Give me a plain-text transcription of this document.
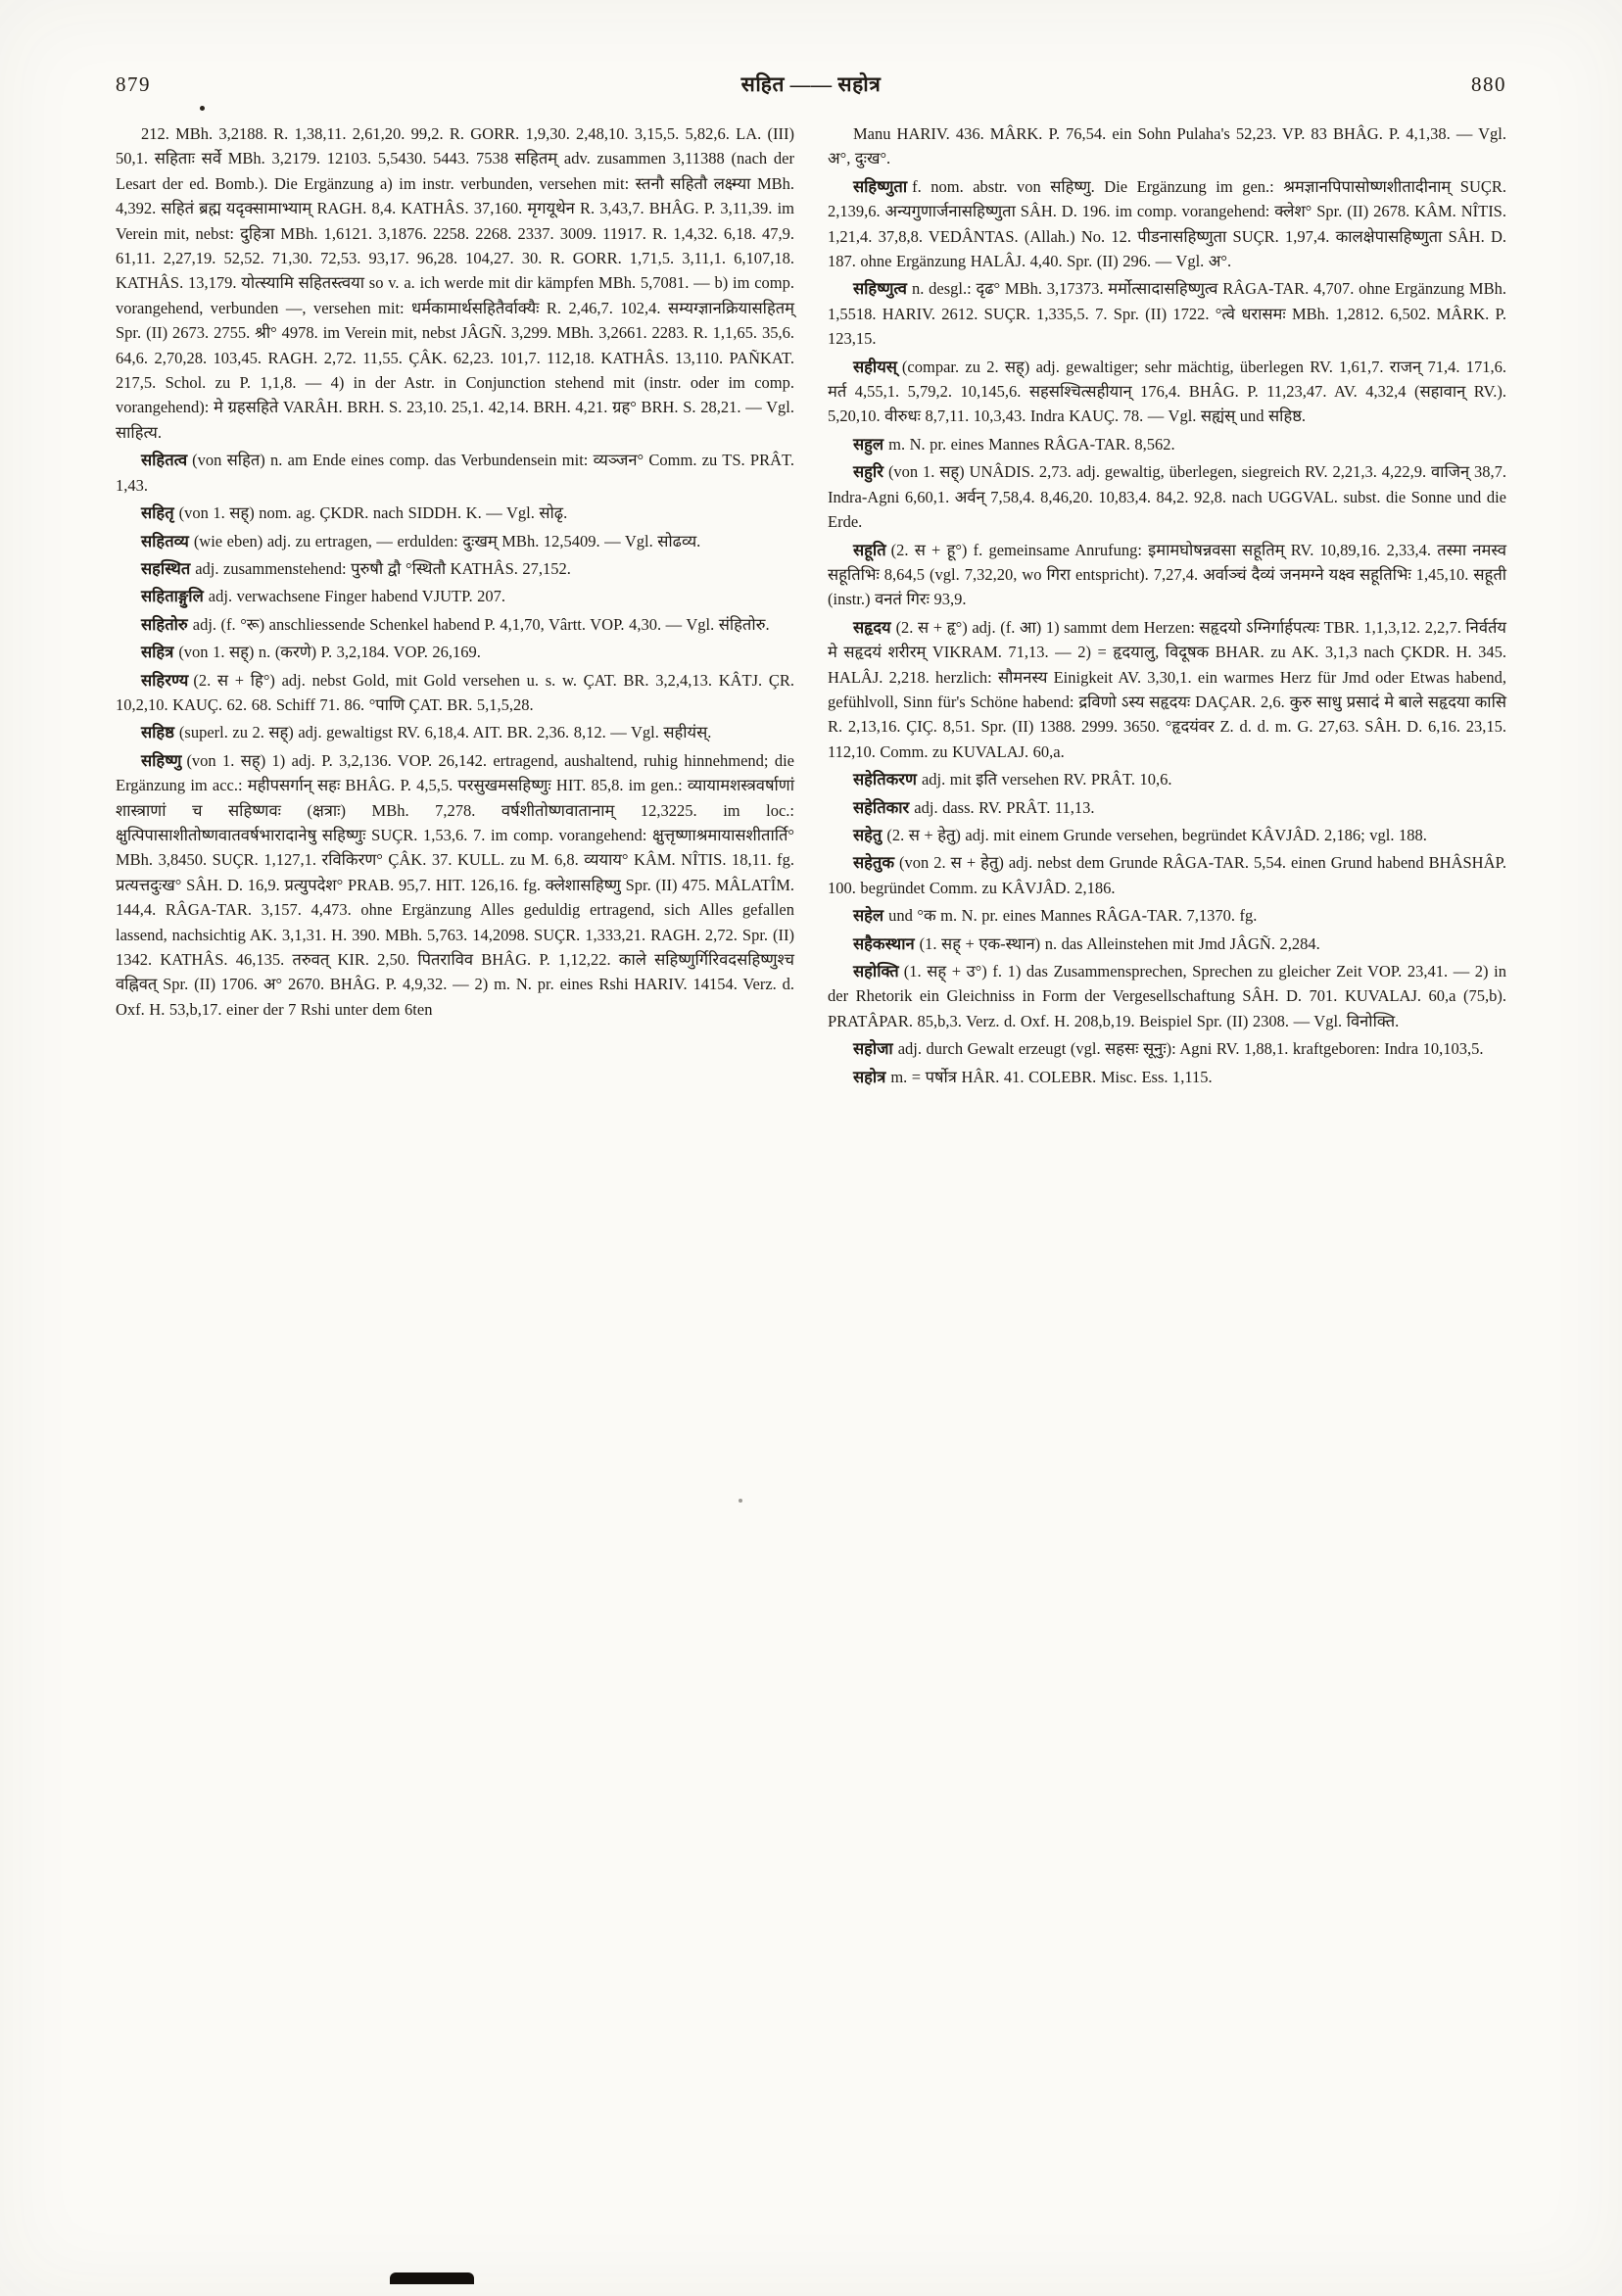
879	सहित —— सहोत्र	880

212. MBh. 3,2188. R. 1,38,11. 2,61,20. 99,2. R. GORR. 1,9,30. 2,48,10. 3,15,5. 5,82,6. LA. (III) 50,1. सहिताः सर्वे MBh. 3,2179. 12103. 5,5430. 5443. 7538 सहितम् adv. zusammen 3,11388 (nach der Lesart der ed. Bomb.). Die Ergänzung a) im instr. verbunden, versehen mit: स्तनौ सहितौ लक्ष्म्या MBh. 4,392. सहितं ब्रह्म यदृक्सामाभ्याम् RAGH. 8,4. KATHÂS. 37,160. मृगयूथेन R. 3,43,7. BHÂG. P. 3,11,39. im Verein mit, nebst: दुहित्रा MBh. 1,6121. 3,1876. 2258. 2268. 2337. 3009. 11917. R. 1,4,32. 6,18. 47,9. 61,11. 2,27,19. 52,52. 71,30. 72,53. 93,17. 96,28. 104,27. 30. R. GORR. 1,71,5. 3,11,1. 6,107,18. KATHÂS. 13,179. योत्स्यामि सहितस्त्वया so v. a. ich werde mit dir kämpfen MBh. 5,7081. — b) im comp. vorangehend, verbunden —, versehen mit: धर्मकामार्थसहितैर्वाक्यैः R. 2,46,7. 102,4. सम्यग्ज्ञानक्रियासहितम् Spr. (II) 2673. 2755. श्री° 4978. im Verein mit, nebst JÂGÑ. 3,299. MBh. 3,2661. 2283. R. 1,1,65. 35,6. 64,6. 2,70,28. 103,45. RAGH. 2,72. 11,55. ÇÂK. 62,23. 101,7. 112,18. KATHÂS. 13,110. PAÑKAT. 217,5. Schol. zu P. 1,1,8. — 4) in der Astr. in Conjunction stehend mit (instr. oder im comp. vorangehend): मे ग्रहसहिते VARÂH. BRH. S. 23,10. 25,1. 42,14. BRH. 4,21. ग्रह° BRH. S. 28,21. — Vgl. साहित्य.

सहितत्व (von सहित) n. am Ende eines comp. das Verbundensein mit: व्यञ्जन° Comm. zu TS. PRÂT. 1,43.

सहितृ (von 1. सह्) nom. ag. ÇKDR. nach SIDDH. K. — Vgl. सोढृ.

सहितव्य (wie eben) adj. zu ertragen, — erdulden: दुःखम् MBh. 12,5409. — Vgl. सोढव्य.

सहस्थित adj. zusammenstehend: पुरुषौ द्वौ °स्थितौ KATHÂS. 27,152.

सहिताङ्गुलि adj. verwachsene Finger habend VJUTP. 207.

सहितोरु adj. (f. °रू) anschliessende Schenkel habend P. 4,1,70, Vârtt. VOP. 4,30. — Vgl. संहितोरु.

सहित्र (von 1. सह्) n. (करणे) P. 3,2,184. VOP. 26,169.

सहिरण्य (2. स + हि°) adj. nebst Gold, mit Gold versehen u. s. w. ÇAT. BR. 3,2,4,13. KÂTJ. ÇR. 10,2,10. KAUÇ. 62. 68. Schiff 71. 86. °पाणि ÇAT. BR. 5,1,5,28.

सहिष्ठ (superl. zu 2. सह्) adj. gewaltigst RV. 6,18,4. AIT. BR. 2,36. 8,12. — Vgl. सहीयंस्.

सहिष्णु (von 1. सह्) 1) adj. P. 3,2,136. VOP. 26,142. ertragend, aushaltend, ruhig hinnehmend; die Ergänzung im acc.: महीपसर्गान् सहः BHÂG. P. 4,5,5. परसुखमसहिष्णुः HIT. 85,8. im gen.: व्यायामशस्त्रवर्षाणां शास्त्राणां च सहिष्णवः (क्षत्राः) MBh. 7,278. वर्षशीतोष्णवातानाम् 12,3225. im loc.: क्षुत्पिपासाशीतोष्णवातवर्षभारादानेषु सहिष्णुः SUÇR. 1,53,6. 7. im comp. vorangehend: क्षुत्तृष्णाश्रमायासशीतार्ति° MBh. 3,8450. SUÇR. 1,127,1. रविकिरण° ÇÂK. 37. KULL. zu M. 6,8. व्ययाय° KÂM. NÎTIS. 18,11. fg. प्रत्यत्तदुःख° SÂH. D. 16,9. प्रत्युपदेश° PRAB. 95,7. HIT. 126,16. fg. क्लेशासहिष्णु Spr. (II) 475. MÂLATÎM. 144,4. RÂGA-TAR. 3,157. 4,473. ohne Ergänzung Alles geduldig ertragend, sich Alles gefallen lassend, nachsichtig AK. 3,1,31. H. 390. MBh. 5,763. 14,2098. SUÇR. 1,333,21. RAGH. 2,72. Spr. (II) 1342. KATHÂS. 46,135. तरुवत् KIR. 2,50. पितराविव BHÂG. P. 1,12,22. काले सहिष्णुर्गिरिवदसहिष्णुश्च वह्निवत् Spr. (II) 1706. अ° 2670. BHÂG. P. 4,9,32. — 2) m. N. pr. eines Rshi HARIV. 14154. Verz. d. Oxf. H. 53,b,17. einer der 7 Rshi unter dem 6ten

Manu HARIV. 436. MÂRK. P. 76,54. ein Sohn Pulaha's 52,23. VP. 83 BHÂG. P. 4,1,38. — Vgl. अ°, दुःख°.

सहिष्णुता f. nom. abstr. von सहिष्णु. Die Ergänzung im gen.: श्रमज्ञानपिपासोष्णशीतादीनाम् SUÇR. 2,139,6. अन्यगुणार्जनासहिष्णुता SÂH. D. 196. im comp. vorangehend: क्लेश° Spr. (II) 2678. KÂM. NÎTIS. 1,21,4. 37,8,8. VEDÂNTAS. (Allah.) No. 12. पीडनासहिष्णुता SUÇR. 1,97,4. कालक्षेपासहिष्णुता SÂH. D. 187. ohne Ergänzung HALÂJ. 4,40. Spr. (II) 296. — Vgl. अ°.

सहिष्णुत्व n. desgl.: दृढ° MBh. 3,17373. मर्मोत्सादासहिष्णुत्व RÂGA-TAR. 4,707. ohne Ergänzung MBh. 1,5518. HARIV. 2612. SUÇR. 1,335,5. 7. Spr. (II) 1722. °त्वे धरासमः MBh. 1,2812. 6,502. MÂRK. P. 123,15.

सहीयस् (compar. zu 2. सह्) adj. gewaltiger; sehr mächtig, überlegen RV. 1,61,7. राजन् 71,4. 171,6. मर्त 4,55,1. 5,79,2. 10,145,6. सहसश्चित्सहीयान् 176,4. BHÂG. P. 11,23,47. AV. 4,32,4 (सहावान् RV.). 5,20,10. वीरुधः 8,7,11. 10,3,43. Indra KAUÇ. 78. — Vgl. सह्यंस् und सहिष्ठ.

सहुल m. N. pr. eines Mannes RÂGA-TAR. 8,562.

सहुरि (von 1. सह्) UNÂDIS. 2,73. adj. gewaltig, überlegen, siegreich RV. 2,21,3. 4,22,9. वाजिन् 38,7. Indra-Agni 6,60,1. अर्वन् 7,58,4. 8,46,20. 10,83,4. 84,2. 92,8. nach UGGVAL. subst. die Sonne und die Erde.

सहूति (2. स + हू°) f. gemeinsame Anrufung: इमामघोषन्नवसा सहूतिम् RV. 10,89,16. 2,33,4. तस्मा नमस्व सहूतिभिः 8,64,5 (vgl. 7,32,20, wo गिरा entspricht). 7,27,4. अर्वाञ्चं दैव्यं जनमग्ने यक्ष्व सहूतिभिः 1,45,10. सहूती (instr.) वनतं गिरः 93,9.

सहृदय (2. स + हृ°) adj. (f. आ) 1) sammt dem Herzen: सहृदयो ऽग्निर्गार्हपत्यः TBR. 1,1,3,12. 2,2,7. निर्वर्तय मे सहृदयं शरीरम् VIKRAM. 71,13. — 2) = हृदयालु, विदूषक BHAR. zu AK. 3,1,3 nach ÇKDR. H. 345. HALÂJ. 2,218. herzlich: सौमनस्य Einigkeit AV. 3,30,1. ein warmes Herz für Jmd oder Etwas habend, gefühlvoll, Sinn für's Schöne habend: द्रविणो ऽस्य सहृदयः DAÇAR. 2,6. कुरु साधु प्रसादं मे बाले सहृदया कासि R. 2,13,16. ÇIÇ. 8,51. Spr. (II) 1388. 2999. 3650. °हृदयंवर Z. d. d. m. G. 27,63. SÂH. D. 6,16. 23,15. 112,10. Comm. zu KUVALAJ. 60,a.

सहेतिकरण adj. mit इति versehen RV. PRÂT. 10,6.

सहेतिकार adj. dass. RV. PRÂT. 11,13.

सहेतु (2. स + हेतु) adj. mit einem Grunde versehen, begründet KÂVJÂD. 2,186; vgl. 188.

सहेतुक (von 2. स + हेतु) adj. nebst dem Grunde RÂGA-TAR. 5,54. einen Grund habend BHÂSHÂP. 100. begründet Comm. zu KÂVJÂD. 2,186.

सहेल und °क m. N. pr. eines Mannes RÂGA-TAR. 7,1370. fg.

सहैकस्थान (1. सह् + एक-स्थान) n. das Alleinstehen mit Jmd JÂGÑ. 2,284.

सहोक्ति (1. सह् + उ°) f. 1) das Zusammensprechen, Sprechen zu gleicher Zeit VOP. 23,41. — 2) in der Rhetorik ein Gleichniss in Form der Vergesellschaftung SÂH. D. 701. KUVALAJ. 60,a (75,b). PRATÂPAR. 85,b,3. Verz. d. Oxf. H. 208,b,19. Beispiel Spr. (II) 2308. — Vgl. विनोक्ति.

सहोजा adj. durch Gewalt erzeugt (vgl. सहसः सूनुः): Agni RV. 1,88,1. kraftgeboren: Indra 10,103,5.

सहोत्र m. = पर्षोत्र HÂR. 41. COLEBR. Misc. Ess. 1,115.
